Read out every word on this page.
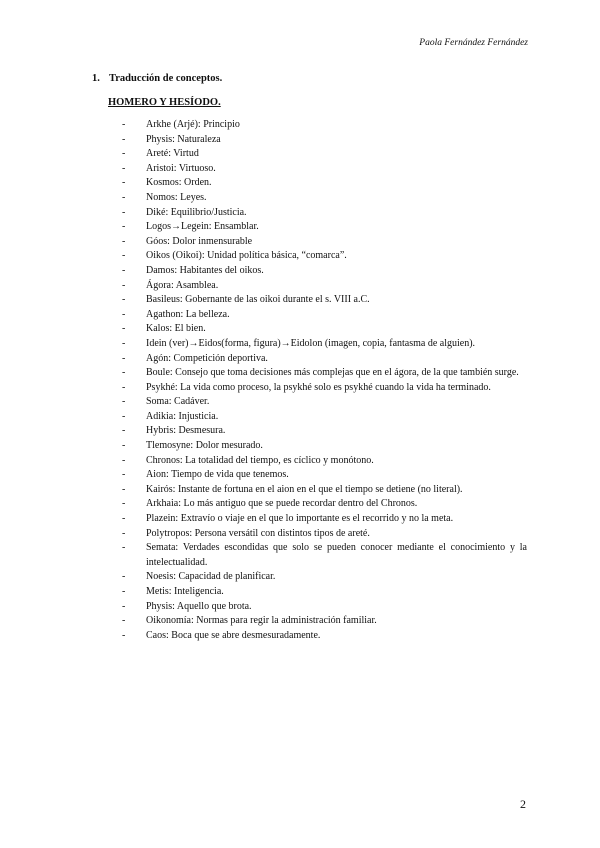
Paola Fernández Fernández
1. Traducción de conceptos.
HOMERO Y HESÍODO.
-	Arkhe (Arjé): Principio
-	Physis: Naturaleza
-	Areté: Virtud
-	Aristoi: Virtuoso.
-	Kosmos: Orden.
-	Nomos: Leyes.
-	Diké: Equilibrio/Justicia.
-	Logos→Legein: Ensamblar.
-	Góos: Dolor inmensurable
-	Oikos (Oikoi): Unidad política básica, “comarca”.
-	Damos: Habitantes del oikos.
-	Ágora: Asamblea.
-	Basileus: Gobernante de las oikoi durante el s. VIII a.C.
-	Agathon: La belleza.
-	Kalos: El bien.
-	Idein (ver)→Eidos(forma, figura)→Eidolon (imagen, copia, fantasma de alguien).
-	Agón: Competición deportiva.
-	Boule: Consejo que toma decisiones más complejas que en el ágora, de la que también surge.
-	Psykhé: La vida como proceso, la psykhé solo es psykhé cuando la vida ha terminado.
-	Soma: Cadáver.
-	Adikia: Injusticia.
-	Hybris: Desmesura.
-	Tlemosyne: Dolor mesurado.
-	Chronos: La totalidad del tiempo, es cíclico y monótono.
-	Aion: Tiempo de vida que tenemos.
-	Kairós: Instante de fortuna en el aion en el que el tiempo se detiene (no literal).
-	Arkhaia: Lo más antiguo que se puede recordar dentro del Chronos.
-	Plazein: Extravío o viaje en el que lo importante es el recorrido y no la meta.
-	Polytropos: Persona versátil con distintos tipos de areté.
-	Semata: Verdades escondidas que solo se pueden conocer mediante el conocimiento y la intelectualidad.
-	Noesis: Capacidad de planificar.
-	Metis: Inteligencia.
-	Physis: Aquello que brota.
-	Oikonomía: Normas para regir la administración familiar.
-	Caos: Boca que se abre desmesuradamente.
2
